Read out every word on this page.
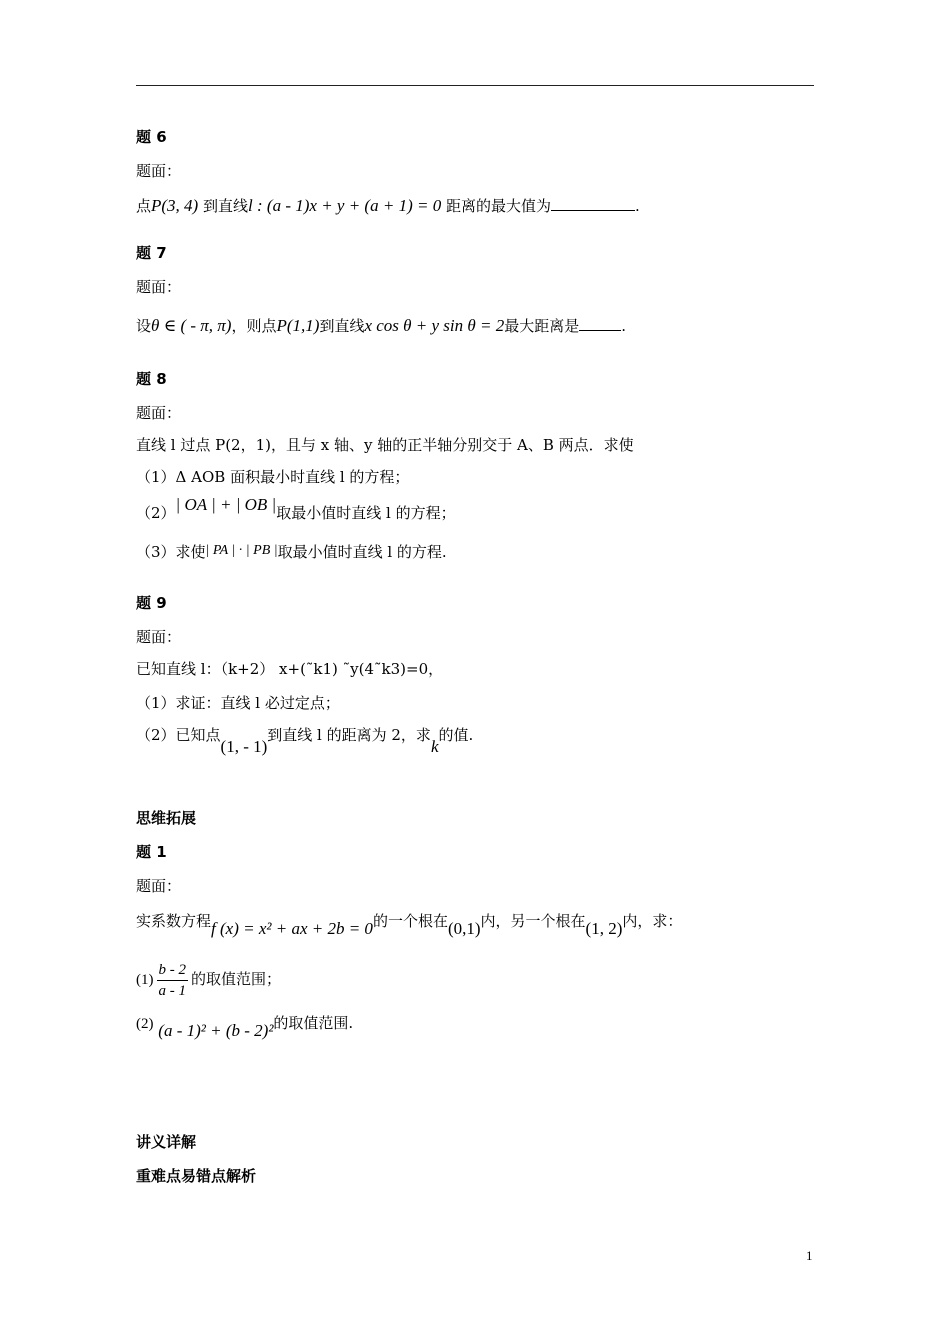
题 6
题面：
点P(3, 4) 到直线l : (a - 1)x + y + (a + 1) = 0 距离的最大值为	.
题 7
题面：
设θ ∈ ( - π, π)，则点P(1,1)到直线x cos θ + y sin θ = 2最大距离是	.
题 8
题面：
直线 l 过点 P(2，1)，且与 x 轴、y 轴的正半轴分别交于 A、B 两点．求使
（1）Δ AOB 面积最小时直线 l 的方程；
（2）| OA | + | OB |取最小值时直线 l 的方程；
（3）求使| PA | · | PB |取最小值时直线 l 的方程.
题 9
题面：
已知直线 l：（k+2） x+(˜k1) ˜y(4˜k3)=0，
（1）求证：直线 l 必过定点；
（2）已知点(1, - 1)到直线 l 的距离为 2，求k的值.
思维拓展
题 1
题面：
实系数方程f (x) = x² + ax + 2b = 0的一个根在(0,1)内，另一个根在(1, 2)内，求：
$(1) \frac{b - 2}{a - 1}$ 的取值范围；
(2) (a - 1)² + (b - 2)²的取值范围.
讲义详解
重难点易错点解析
1
